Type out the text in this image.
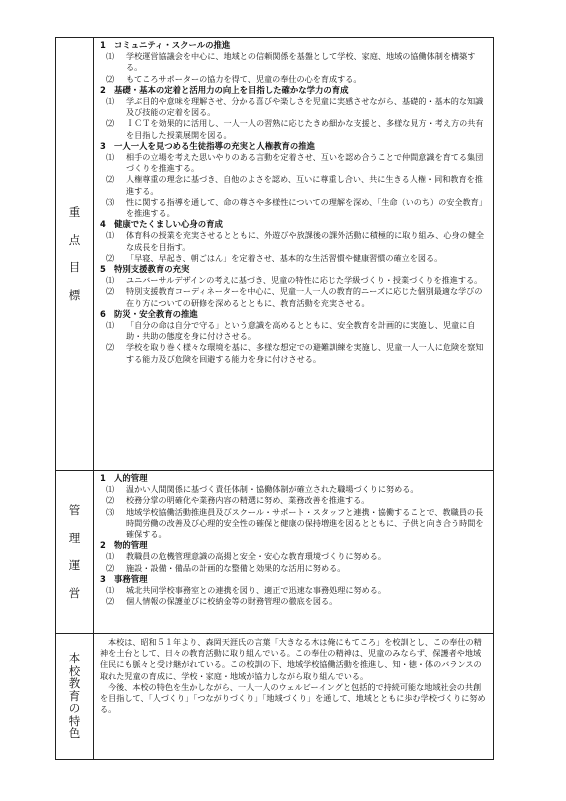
重
点
目
標
1 コミュニティ・スクールの推進
⑴ 学校運営協議会を中心に、地域との信頼関係を基盤として学校、家庭、地域の協働体制を構築する。
⑵ もてころサポーターの協力を得て、児童の奉仕の心を育成する。
2 基礎・基本の定着と活用力の向上を目指した確かな学力の育成
⑴ 学ぶ目的や意味を理解させ、分かる喜びや楽しさを児童に実感させながら、基礎的・基本的な知識及び技能の定着を図る。
⑵ ＩＣＴを効果的に活用し、一人一人の習熟に応じたきめ細かな支援と、多様な見方・考え方の共有を目指した授業展開を図る。
3 一人一人を見つめる生徒指導の充実と人権教育の推進
⑴ 相手の立場を考えた思いやりのある言動を定着させ、互いを認め合うことで仲間意識を育てる集団づくりを推進する。
⑵ 人権尊重の理念に基づき、自他のよさを認め、互いに尊重し合い、共に生きる人権・同和教育を推進する。
⑶ 性に関する指導を通して、命の尊さや多様性についての理解を深め、「生命（いのち）の安全教育」を推進する。
4 健康でたくましい心身の育成
⑴ 体育科の授業を充実させるとともに、外遊びや放課後の課外活動に積極的に取り組み、心身の健全な成長を目指す。
⑵ 「早寝、早起き、朝ごはん」を定着させ、基本的な生活習慣や健康習慣の確立を図る。
5 特別支援教育の充実
⑴ ユニバーサルデザインの考えに基づき、児童の特性に応じた学級づくり・授業づくりを推進する。
⑵ 特別支援教育コーディネーターを中心に、児童一人一人の教育的ニーズに応じた個別最適な学びの在り方についての研修を深めるとともに、教育活動を充実させる。
6 防災・安全教育の推進
⑴ 「自分の命は自分で守る」という意識を高めるとともに、安全教育を計画的に実施し、児童に自助・共助の態度を身に付けさせる。
⑵ 学校を取り巻く様々な環境を基に、多様な想定での避難訓練を実施し、児童一人一人に危険を察知する能力及び危険を回避する能力を身に付けさせる。
管
理
運
営
1 人的管理
⑴ 温かい人間関係に基づく責任体制・協働体制が確立された職場づくりに努める。
⑵ 校務分掌の明確化や業務内容の精選に努め、業務改善を推進する。
⑶ 地域学校協働活動推進員及びスクール・サポート・スタッフと連携・協働することで、教職員の長時間労働の改善及び心理的安全性の確保と健康の保持増進を図るとともに、子供と向き合う時間を確保する。
2 物的管理
⑴ 教職員の危機管理意識の高揚と安全・安心な教育環境づくりに努める。
⑵ 施設・設備・備品の計画的な整備と効果的な活用に努める。
3 事務管理
⑴ 城北共同学校事務室との連携を図り、適正で迅速な事務処理に努める。
⑵ 個人情報の保護並びに校納金等の財務管理の徹底を図る。
本
校
教
育
の
特
色
本校は、昭和５１年より、森岡天涯氏の言葉「大きなる木は俺にもてころ」を校訓とし、この奉仕の精神を土台として、日々の教育活動に取り組んでいる。この奉仕の精神は、児童のみならず、保護者や地域住民にも脈々と受け継がれている。この校訓の下、地域学校協働活動を推進し、知・徳・体のバランスの取れた児童の育成に、学校・家庭・地域が協力しながら取り組んでいる。
今後、本校の特色を生かしながら、一人一人のウェルビーイングと包括的で持続可能な地域社会の共創を目指して、「人づくり」「つながりづくり」「地域づくり」を通して、地域とともに歩む学校づくりに努める。
